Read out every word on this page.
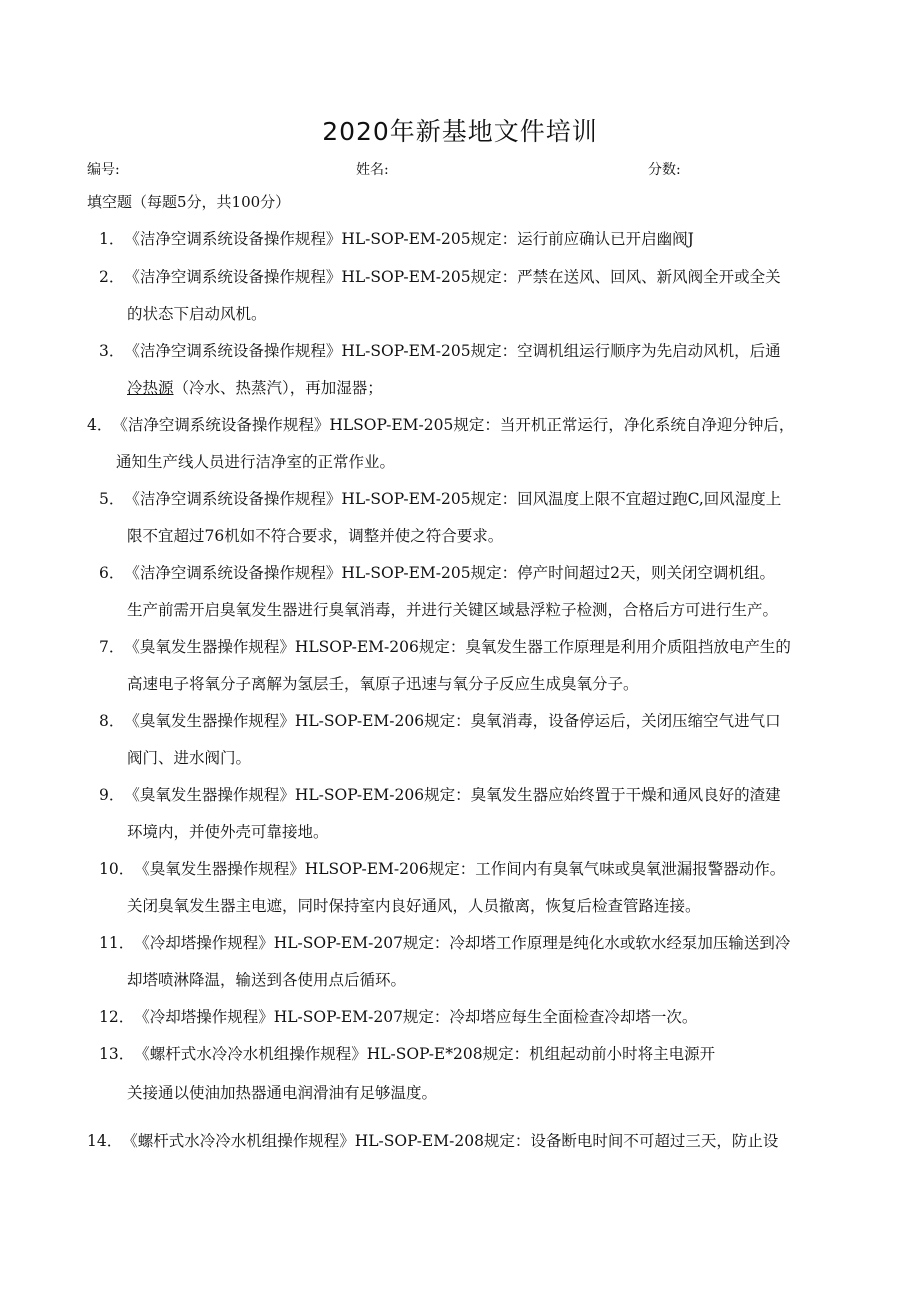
2020年新基地文件培训
编号:	姓名:	分数:
填空题（每题5分，共100分）
1．《洁净空调系统设备操作规程》HL-SOP-EM-205规定：运行前应确认已开启幽阀J
2．《洁净空调系统设备操作规程》HL-SOP-EM-205规定：严禁在送风、回风、新风阀全开或全关
的状态下启动风机。
3．《洁净空调系统设备操作规程》HL-SOP-EM-205规定：空调机组运行顺序为先启动风机，后通
冷热源（冷水、热蒸汽），再加湿器；
4．《洁净空调系统设备操作规程》HLSOP-EM-205规定：当开机正常运行，净化系统自净迎分钟后，
通知生产线人员进行洁净室的正常作业。
5．《洁净空调系统设备操作规程》HL-SOP-EM-205规定：回风温度上限不宜超过跑C,回风湿度上
限不宜超过76机如不符合要求，调整并使之符合要求。
6．《洁净空调系统设备操作规程》HL-SOP-EM-205规定：停产时间超过2天，则关闭空调机组。
生产前需开启臭氧发生器进行臭氧消毒，并进行关键区域悬浮粒子检测，合格后方可进行生产。
7．《臭氧发生器操作规程》HLSOP-EM-206规定：臭氧发生器工作原理是利用介质阻挡放电产生的
高速电子将氧分子离解为氢层壬，氧原子迅速与氧分子反应生成臭氧分子。
8．《臭氧发生器操作规程》HL-SOP-EM-206规定：臭氧消毒，设备停运后，关闭压缩空气进气口
阀门、进水阀门。
9．《臭氧发生器操作规程》HL-SOP-EM-206规定：臭氧发生器应始终置于干燥和通风良好的渣建
环境内，并使外壳可靠接地。
10．《臭氧发生器操作规程》HLSOP-EM-206规定：工作间内有臭氧气味或臭氧泄漏报警器动作。
关闭臭氧发生器主电遮，同时保持室内良好通风，人员撤离，恢复后检查管路连接。
11．《冷却塔操作规程》HL-SOP-EM-207规定：冷却塔工作原理是纯化水或软水经泵加压输送到冷
却塔喷淋降温，输送到各使用点后循环。
12．《冷却塔操作规程》HL-SOP-EM-207规定：冷却塔应每生全面检查冷却塔一次。
13．《螺杆式水冷冷水机组操作规程》HL-SOP-E*208规定：机组起动前小时将主电源开
关接通以使油加热器通电润滑油有足够温度。
14．《螺杆式水冷冷水机组操作规程》HL-SOP-EM-208规定：设备断电时间不可超过三天，防止设
